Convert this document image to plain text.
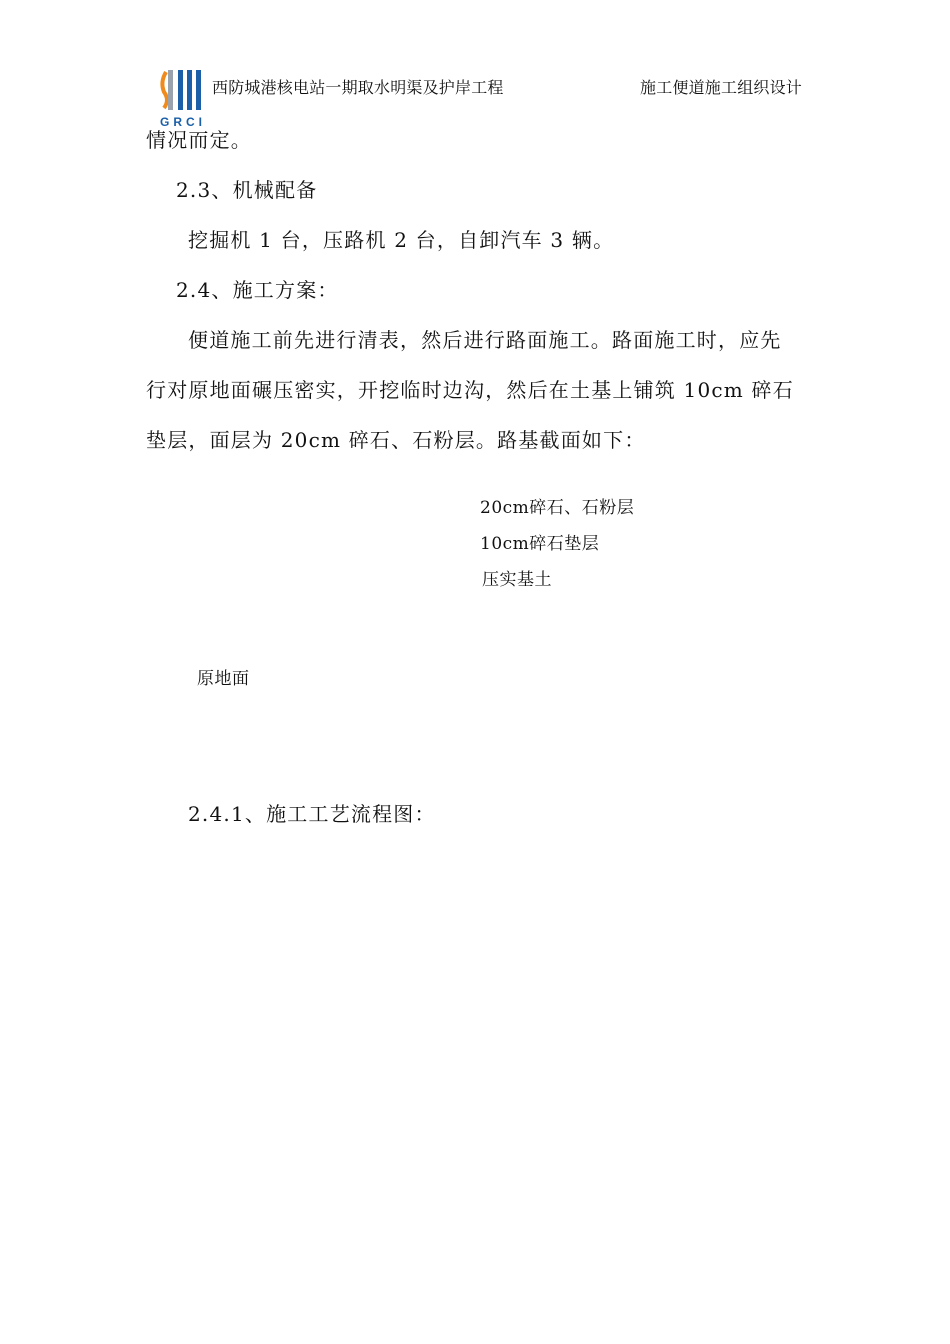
GRCI
西防城港核电站一期取水明渠及护岸工程	施工便道施工组织设计
情况而定。
2.3、机械配备
挖掘机 1 台，压路机 2 台，自卸汽车 3 辆。
2.4、施工方案：
便道施工前先进行清表，然后进行路面施工。路面施工时，应先
行对原地面碾压密实，开挖临时边沟，然后在土基上铺筑 10cm 碎石
垫层，面层为 20cm 碎石、石粉层。路基截面如下：
20cm碎石、石粉层
10cm碎石垫层
压实基土
原地面
2.4.1、施工工艺流程图：
